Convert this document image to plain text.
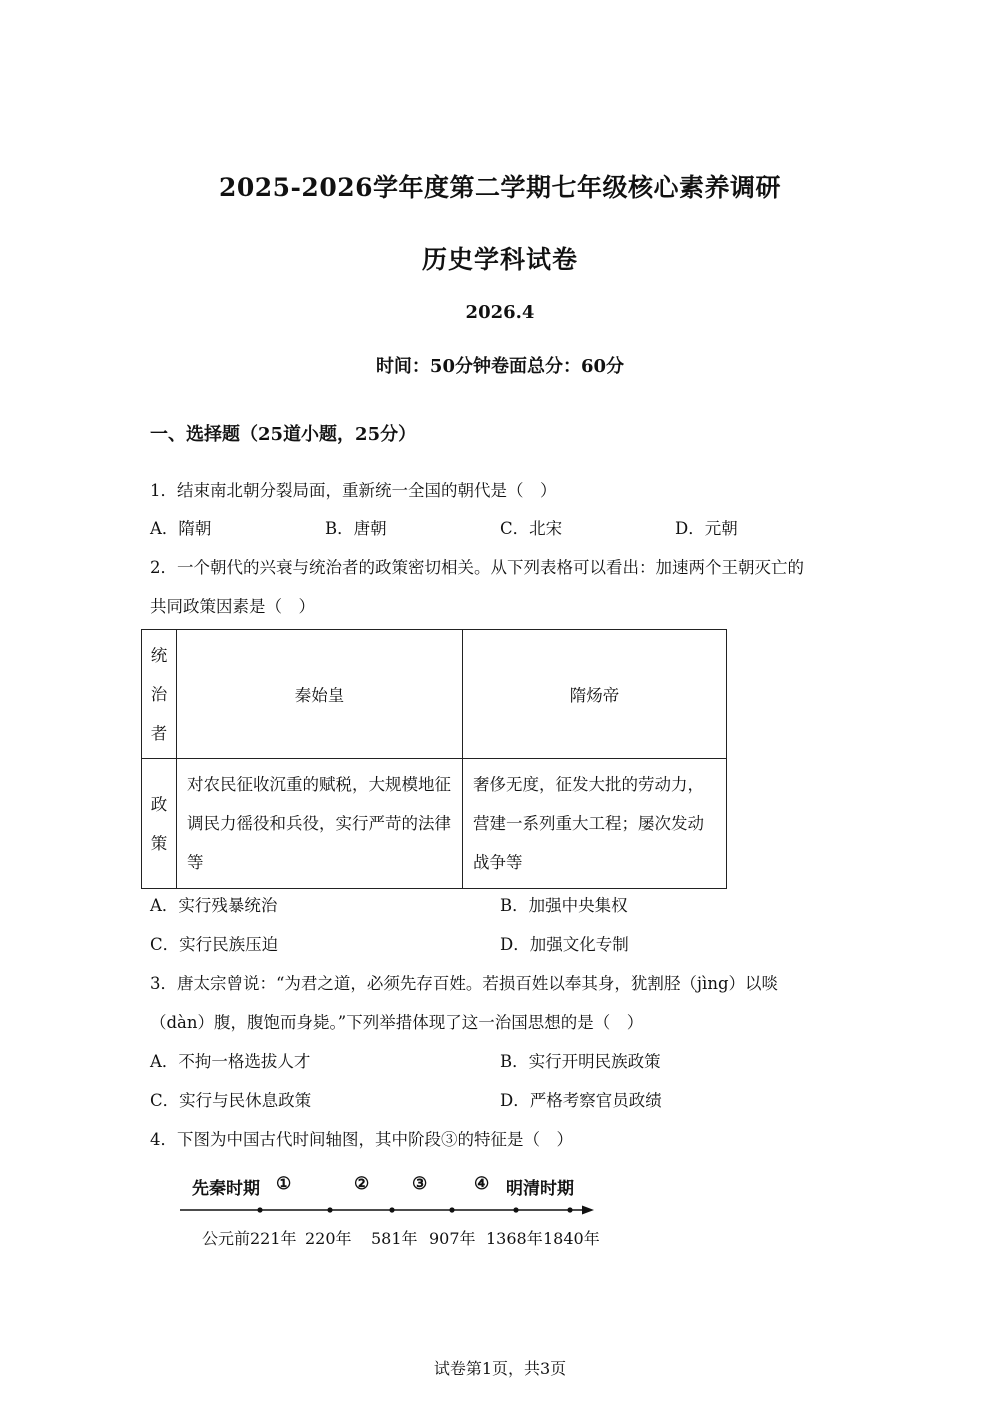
2025-2026学年度第二学期七年级核心素养调研
历史学科试卷
2026.4
时间：50分钟卷面总分：60分
一、选择题（25道小题，25分）
1．结束南北朝分裂局面，重新统一全国的朝代是（　）
A．隋朝	B．唐朝	C．北宋	D．元朝
2．一个朝代的兴衰与统治者的政策密切相关。从下列表格可以看出：加速两个王朝灭亡的
共同政策因素是（　）
统
治
者	秦始皇	隋炀帝

政
策	对农民征收沉重的赋税，大规模地征调民力徭役和兵役，实行严苛的法律等	奢侈无度，征发大批的劳动力，营建一系列重大工程；屡次发动战争等
A．实行残暴统治	B．加强中央集权
C．实行民族压迫	D．加强文化专制
3．唐太宗曾说：“为君之道，必须先存百姓。若损百姓以奉其身，犹割胫（jìng）以啖
（dàn）腹，腹饱而身毙。”下列举措体现了这一治国思想的是（　）
A．不拘一格选拔人才	B．实行开明民族政策
C．实行与民休息政策	D．严格考察官员政绩
4．下图为中国古代时间轴图，其中阶段③的特征是（　）
先秦时期 ①	②	③	④ 明清时期
公元前221年 220年 581年 907年 1368年 1840年
试卷第1页，共3页
